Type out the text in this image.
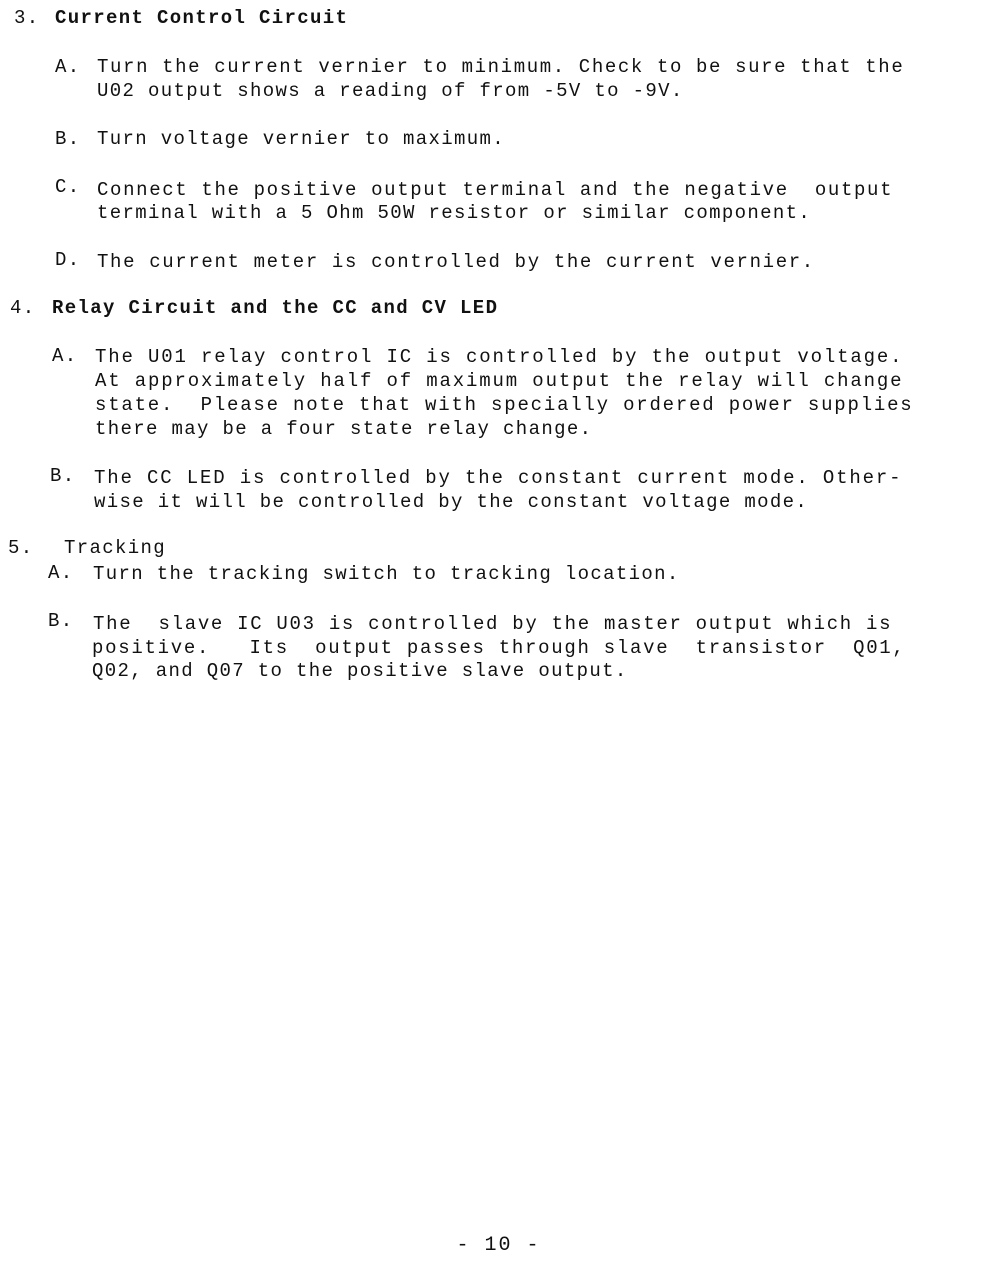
3. Current Control Circuit
A. Turn the current vernier to minimum. Check to be sure that the
U02 output shows a reading of from -5V to -9V.
B. Turn voltage vernier to maximum.
C. Connect the positive output terminal and the negative  output
terminal with a 5 Ohm 50W resistor or similar component.
D. The current meter is controlled by the current vernier.
4. Relay Circuit and the CC and CV LED
A. The U01 relay control IC is controlled by the output voltage.
At approximately half of maximum output the relay will change
state.  Please note that with specially ordered power supplies
there may be a four state relay change.
B. The CC LED is controlled by the constant current mode. Other-
wise it will be controlled by the constant voltage mode.
5. Tracking
A. Turn the tracking switch to tracking location.
B. The  slave IC U03 is controlled by the master output which is
positive.   Its  output passes through slave  transistor  Q01,
Q02, and Q07 to the positive slave output.
- 10 -
